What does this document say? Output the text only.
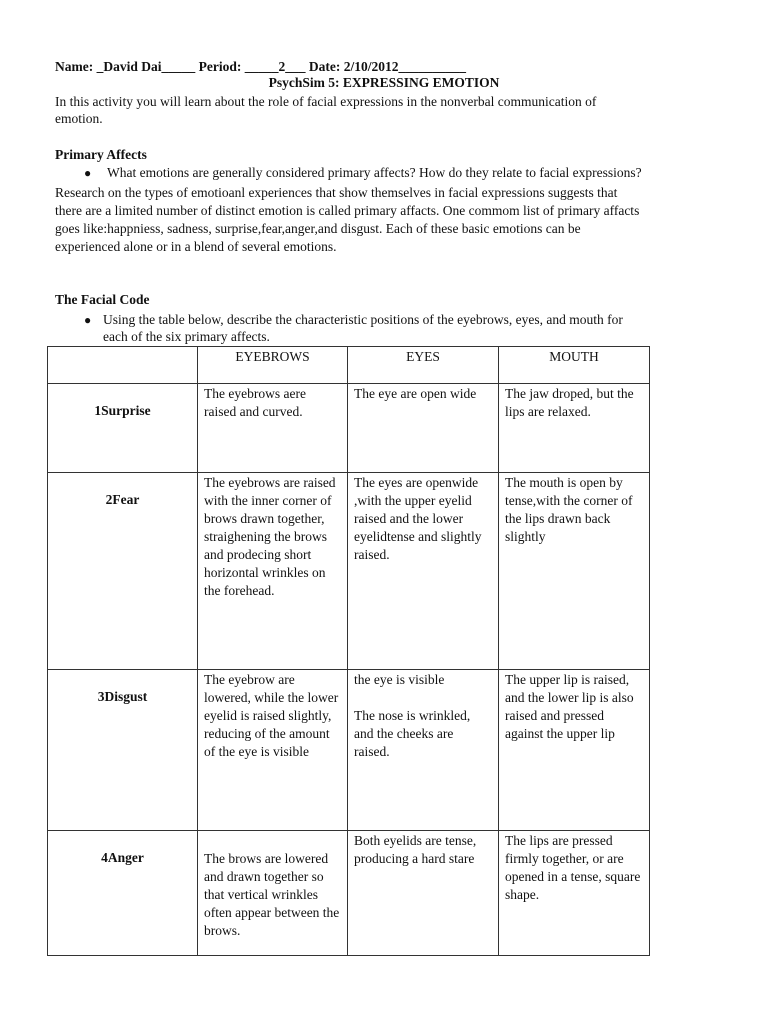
Name: _David Dai_____ Period: _____2___ Date: 2/10/2012__________
PsychSim 5: EXPRESSING EMOTION
In this activity you will learn about the role of facial expressions in the nonverbal communication of
emotion.
Primary Affects
● What emotions are generally considered primary affects? How do they relate to facial expressions?
Research on the types of emotioanl experiences that show themselves in facial expressions suggests that
there are a limited number of distinct emotion is called primary affacts. One commom list of primary affacts
goes like:happniess, sadness, surprise,fear,anger,and disgust. Each of these basic emotions can be
experienced alone or in a blend of several emotions.
The Facial Code
● Using the table below, describe the characteristic positions of the eyebrows, eyes, and mouth for
each of the six primary affects.
	EYEBROWS	EYES	MOUTH
1Surprise	The eyebrows aere raised and curved.	The eye are open wide	The jaw droped, but the lips are relaxed.
2Fear	The eyebrows are raised with the inner corner of brows drawn together, straighening the brows and prodecing short horizontal wrinkles on the forehead.	The eyes are openwide ,with the upper eyelid raised and the lower eyelidtense and slightly raised.	The mouth is open by tense,with the corner of the lips drawn back slightly
3Disgust	The eyebrow are lowered, while the lower eyelid is raised slightly, reducing of the amount of the eye is visible	the eye is visible
The nose is wrinkled, and the cheeks are raised.	The upper lip is raised, and the lower lip is also raised and pressed against the upper lip
4Anger	The brows are lowered and drawn together so that vertical wrinkles often appear between the brows.	Both eyelids are tense, producing a hard stare	The lips are pressed firmly together, or are opened in a tense, square shape.
